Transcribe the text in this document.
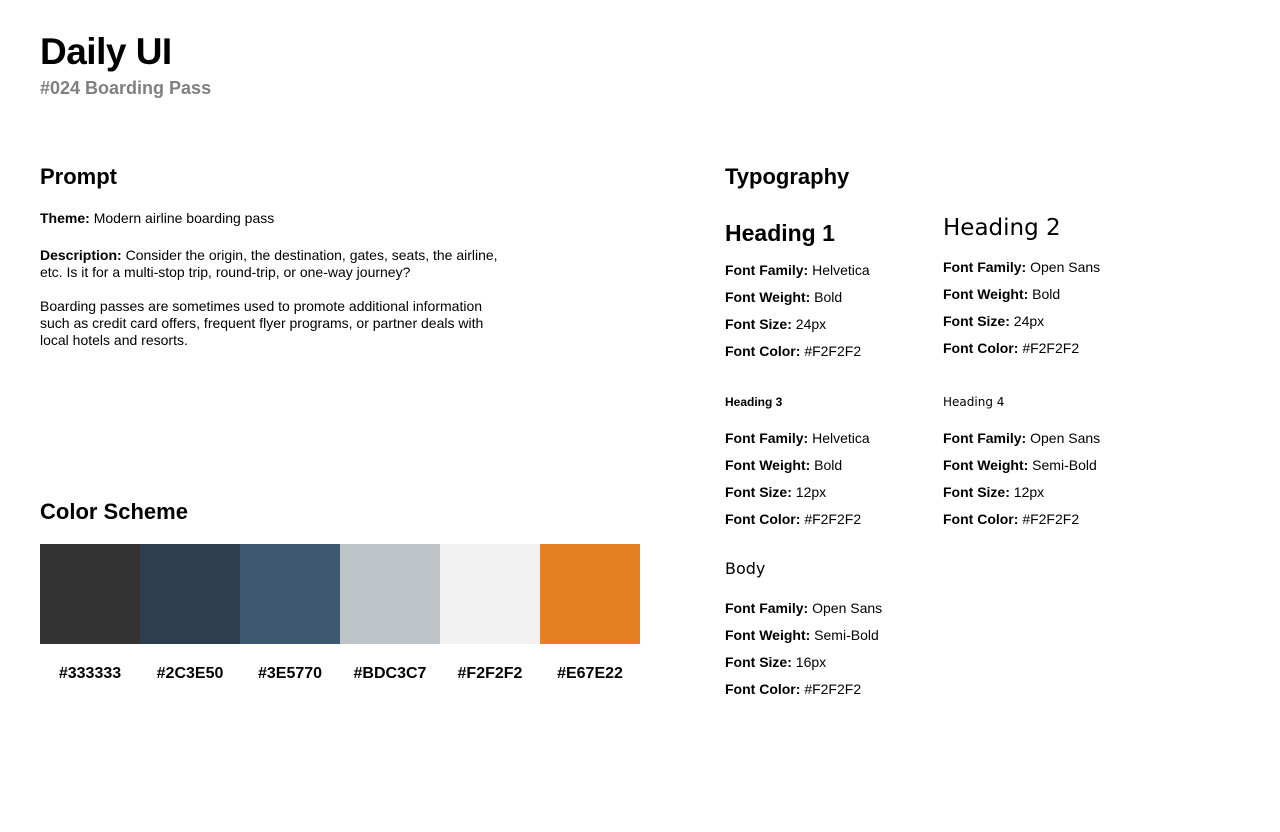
Daily UI
#024 Boarding Pass
Prompt
Theme: Modern airline boarding pass
Description: Consider the origin, the destination, gates, seats, the airline, etc. Is it for a multi-stop trip, round-trip, or one-way journey?
Boarding passes are sometimes used to promote additional information such as credit card offers, frequent flyer programs, or partner deals with local hotels and resorts.
Color Scheme
#333333	#2C3E50	#3E5770	#BDC3C7	#F2F2F2	#E67E22
Typography
Heading 1
Font Family: Helvetica
Font Weight: Bold
Font Size: 24px
Font Color: #F2F2F2
Heading 2
Font Family: Open Sans
Font Weight: Bold
Font Size: 24px
Font Color: #F2F2F2
Heading 3
Font Family: Helvetica
Font Weight: Bold
Font Size: 12px
Font Color: #F2F2F2
Heading 4
Font Family: Open Sans
Font Weight: Semi-Bold
Font Size: 12px
Font Color: #F2F2F2
Body
Font Family: Open Sans
Font Weight: Semi-Bold
Font Size: 16px
Font Color: #F2F2F2
